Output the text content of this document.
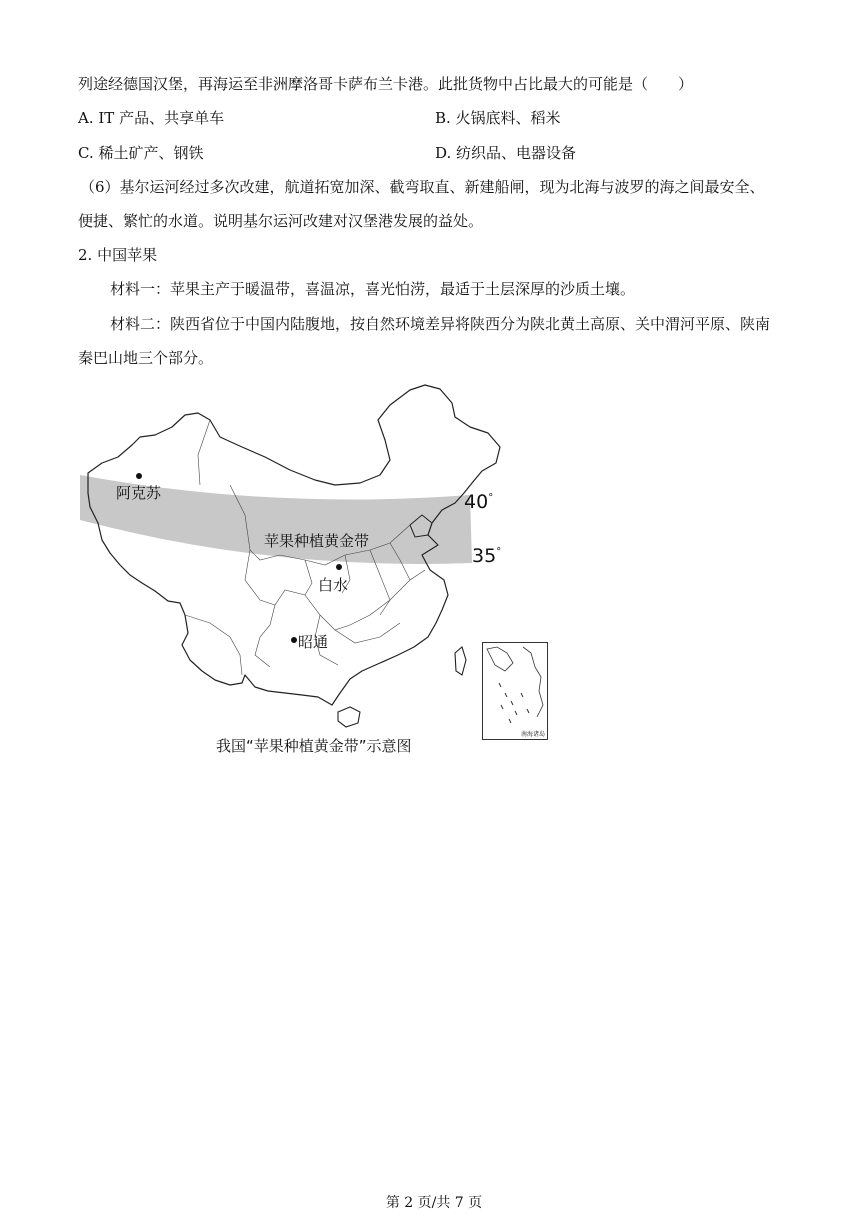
列途经德国汉堡，再海运至非洲摩洛哥卡萨布兰卡港。此批货物中占比最大的可能是（　　）
A. IT 产品、共享单车	B. 火锅底料、稻米
C. 稀土矿产、钢铁	D. 纺织品、电器设备
（6）基尔运河经过多次改建，航道拓宽加深、截弯取直、新建船闸，现为北海与波罗的海之间最安全、
便捷、繁忙的水道。说明基尔运河改建对汉堡港发展的益处。
2. 中国苹果
材料一：苹果主产于暖温带，喜温凉，喜光怕涝，最适于土层深厚的沙质土壤。
材料二：陕西省位于中国内陆腹地，按自然环境差异将陕西分为陕北黄土高原、关中渭河平原、陕南
秦巴山地三个部分。
阿克苏
苹果种植黄金带
白水
昭通
40°
35°
南海诸岛
我国“苹果种植黄金带”示意图
第 2 页/共 7 页
